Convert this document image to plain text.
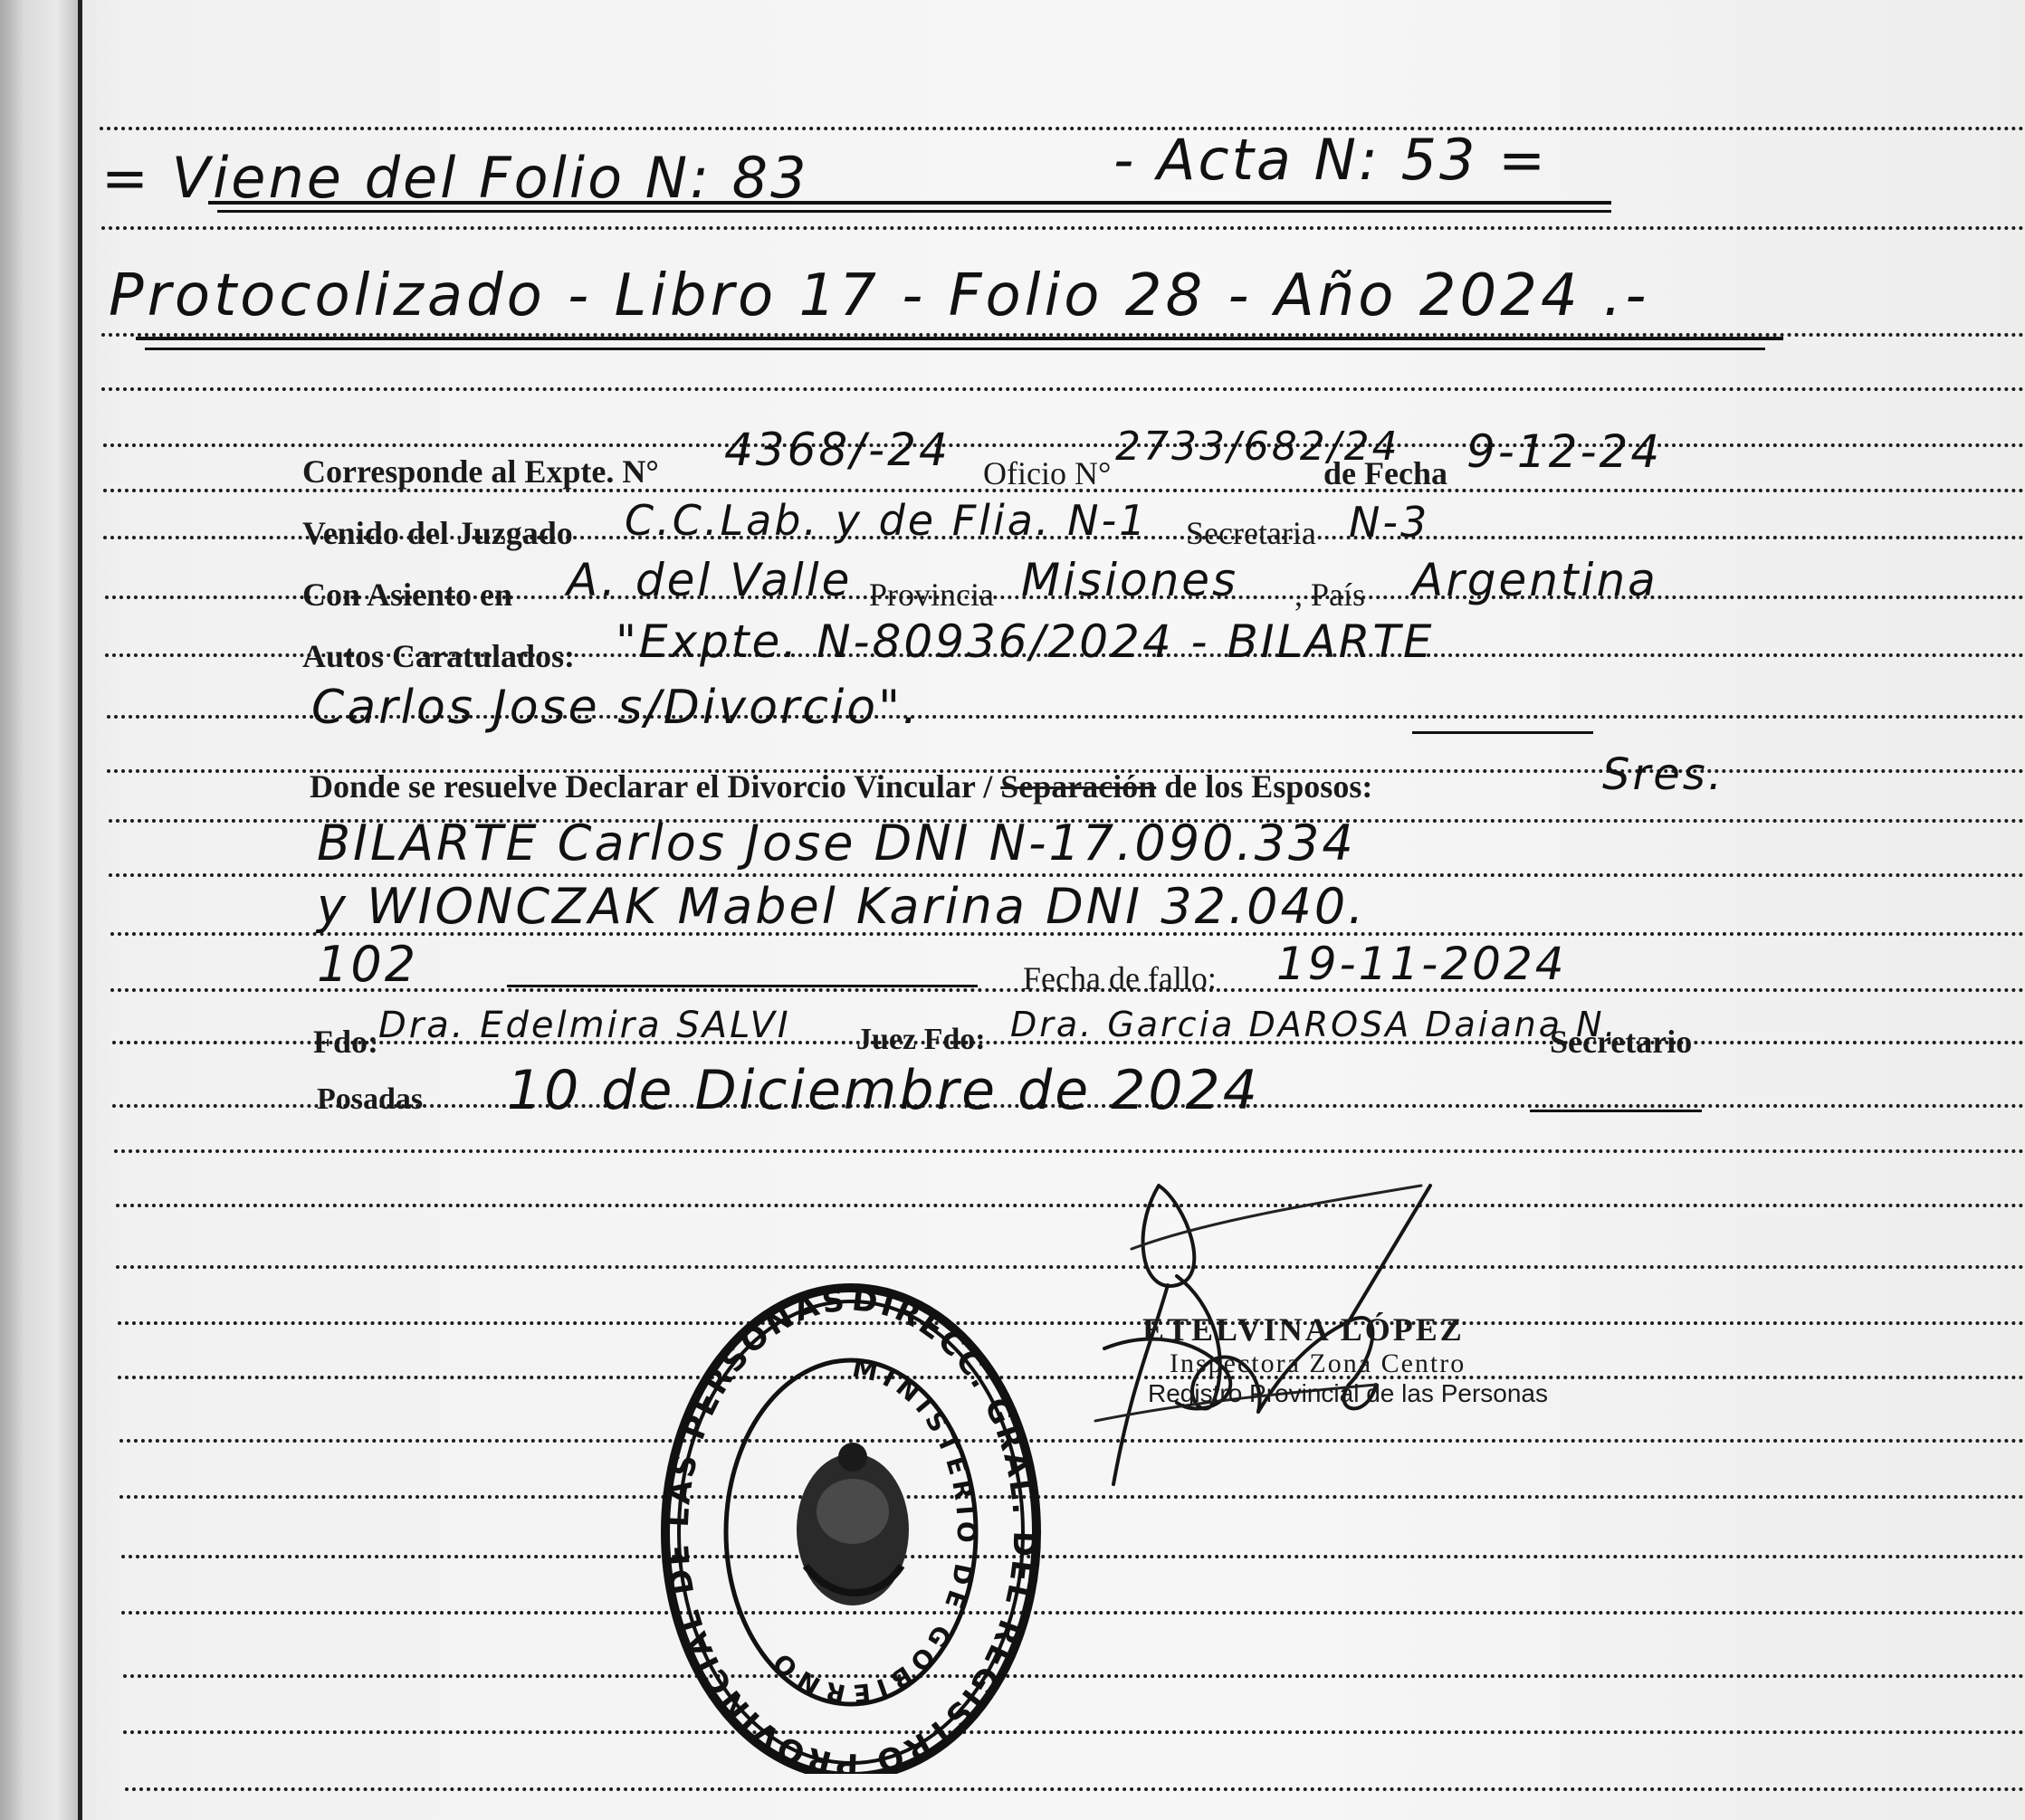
= Viene del Folio N: 83	- Acta N: 53 =
Protocolizado - Libro 17 - Folio 28 - Año 2024 .-
Corresponde al Expte. N° 4368/-24 Oficio N°
2733/682/24
de Fecha 9-12-24
Venido del Juzgado C.C.Lab. y de Flia. N-1 Secretaria N-3
Con Asiento en A. del Valle Provincia Misiones , País Argentina
Autos Caratulados: "Expte. N-80936/2024 - BILARTE
Carlos Jose s/Divorcio".
Donde se resuelve Declarar el Divorcio Vincular / Separación de los Esposos:	Sres.
BILARTE Carlos Jose DNI N-17.090.334
y WIONCZAK Mabel Karina DNI 32.040.
102	Fecha de fallo: 19-11-2024
Fdo: Dra. Edelmira SALVI Juez Fdo: Dra. Garcia DAROSA Daiana N.
Secretario
Posadas 10 de Diciembre de 2024
ETELVINA LÓPEZ
Inspectora Zona Centro
Registro Provincial de las Personas
DIRECC. GRAL. DEL REGISTRO PROVINCIAL DE LAS PERSONAS
MINISTERIO DE GOBIERNO
